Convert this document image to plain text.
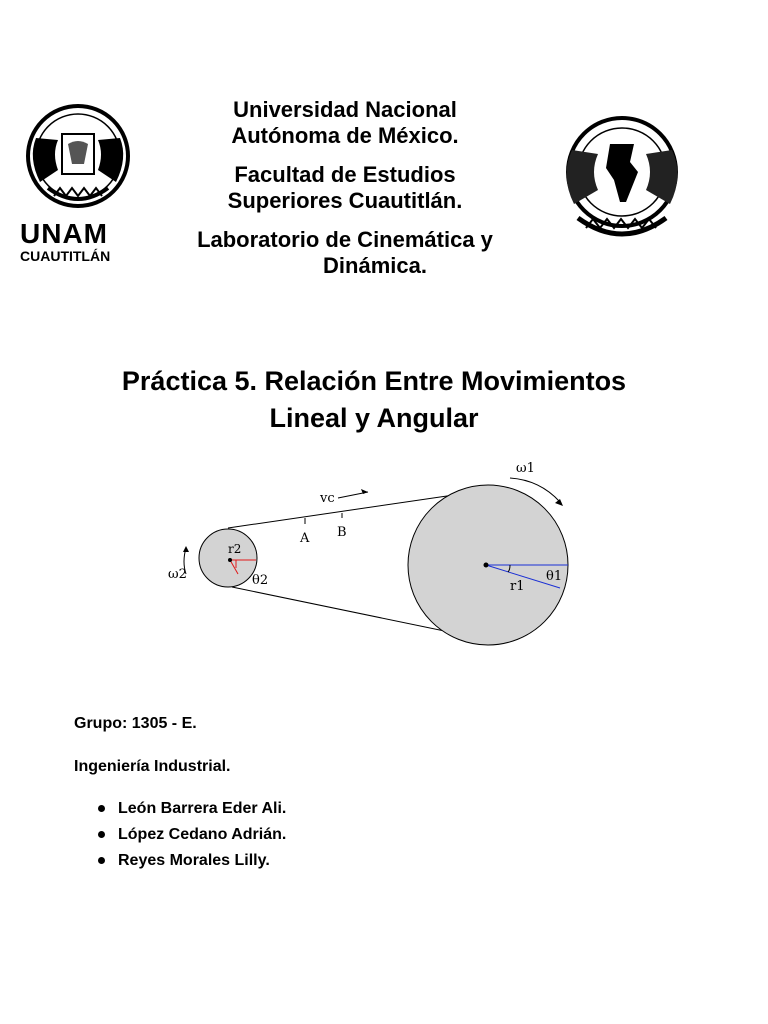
UNAM
CUAUTITLÁN

Universidad Nacional
Autónoma de México.

Facultad de Estudios
Superiores Cuautitlán.

Laboratorio de Cinemática y
Dinámica.

Práctica 5. Relación Entre Movimientos
Lineal y Angular
ω1
ω2
vc
A B
r1
θ1
r2
θ2
Grupo: 1305 - E.
Ingeniería Industrial.
León Barrera Eder Ali.
López Cedano Adrián.
Reyes Morales Lilly.
